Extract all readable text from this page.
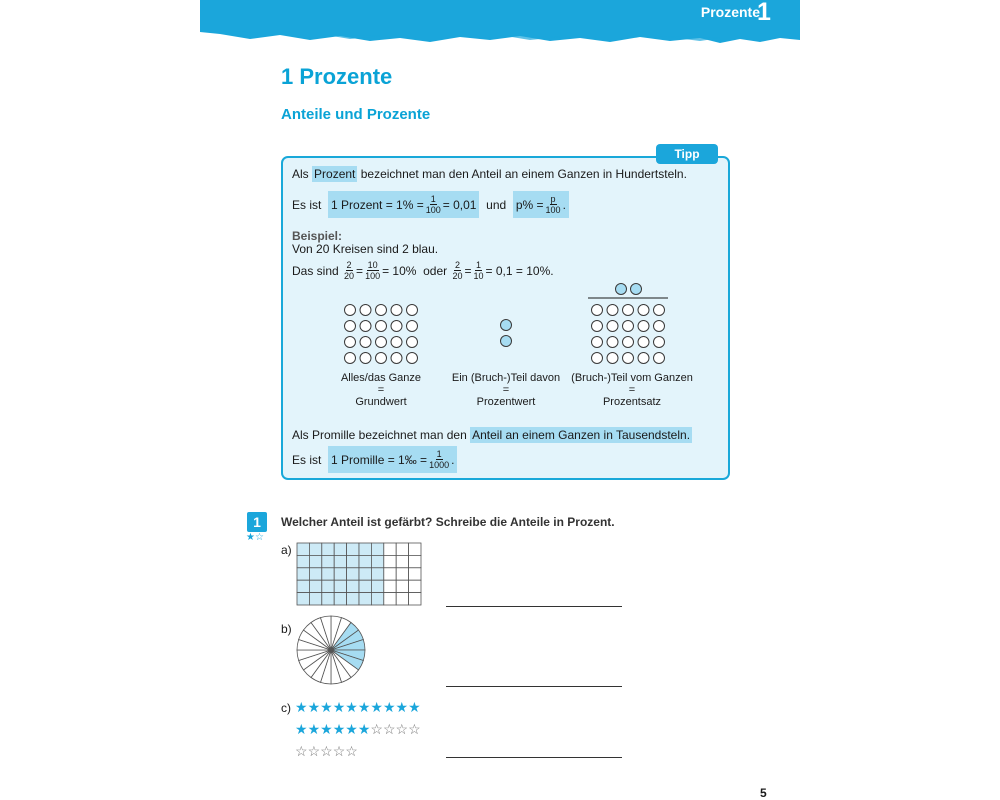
Prozente
1
1 Prozente
Anteile und Prozente
Tipp
Als
Prozent
bezeichnet man den Anteil an einem Ganzen in Hundertsteln.
Es ist
1 Prozent = $1\% = \frac{1}{100} = 0,01$
und
$p\% = \frac{p}{100}$ .
Beispiel:
Von 20 Kreisen sind 2 blau.
Das sind
$\frac{2}{20} = \frac{10}{100} = 10\%$  oder
$\frac{2}{20} = \frac{1}{10} = 0,1 = 10\%$.
Alles/das Ganze
=
Grundwert
Ein (Bruch-)Teil davon
=
Prozentwert
(Bruch-)Teil vom Ganzen
=
Prozentsatz
Als Promille bezeichnet man den
Anteil an einem Ganzen in Tausendsteln.
Es ist
1 Promille = 1‰ = $\frac{1}{1000}$ .
1
★☆
Welcher Anteil ist gefärbt? Schreibe die Anteile in Prozent.
a)
b)
c) ★★★★★★★★★★
★★★★★★☆☆☆☆
☆☆☆☆☆
5
